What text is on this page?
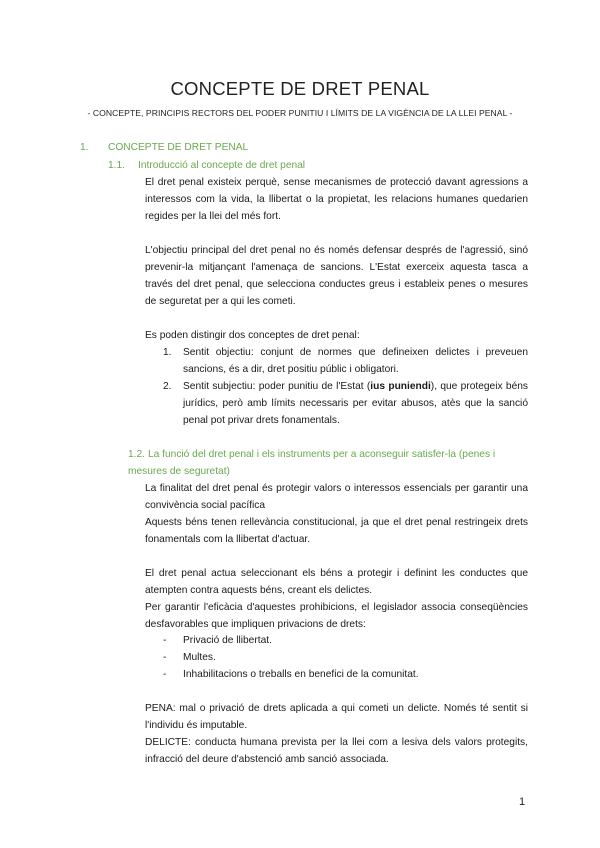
CONCEPTE DE DRET PENAL
- CONCEPTE, PRINCIPIS RECTORS DEL PODER PUNITIU I LÍMITS DE LA VIGÈNCIA DE LA LLEI PENAL -
1. CONCEPTE DE DRET PENAL
1.1. Introducció al concepte de dret penal

El dret penal existeix perquè, sense mecanismes de protecció davant agressions a interessos com la vida, la llibertat o la propietat, les relacions humanes quedarien regides per la llei del més fort.

L'objectiu principal del dret penal no és només defensar després de l'agressió, sinó prevenir-la mitjançant l'amenaça de sancions. L'Estat exerceix aquesta tasca a través del dret penal, que selecciona conductes greus i estableix penes o mesures de seguretat per a qui les cometi.

Es poden distingir dos conceptes de dret penal:

1. Sentit objectiu: conjunt de normes que defineixen delictes i preveuen sancions, és a dir, dret positiu públic i obligatori.
2. Sentit subjectiu: poder punitiu de l'Estat (ius puniendi), que protegeix béns jurídics, però amb límits necessaris per evitar abusos, atès que la sanció penal pot privar drets fonamentals.
1.2. La funció del dret penal i els instruments per a aconseguir satisfer-la (penes i mesures de seguretat)

La finalitat del dret penal és protegir valors o interessos essencials per garantir una convivència social pacífica

Aquests béns tenen rellevància constitucional, ja que el dret penal restringeix drets fonamentals com la llibertat d'actuar.

El dret penal actua seleccionant els béns a protegir i definint les conductes que atempten contra aquests béns, creant els delictes.

Per garantir l'eficàcia d'aquestes prohibicions, el legislador associa conseqüències desfavorables que impliquen privacions de drets:

- Privació de llibertat.
- Multes.
- Inhabilitacions o treballs en benefici de la comunitat.

PENA: mal o privació de drets aplicada a qui cometi un delicte. Només té sentit si l'individu és imputable.

DELICTE: conducta humana prevista per la llei com a lesiva dels valors protegits, infracció del deure d'abstenció amb sanció associada.

1
